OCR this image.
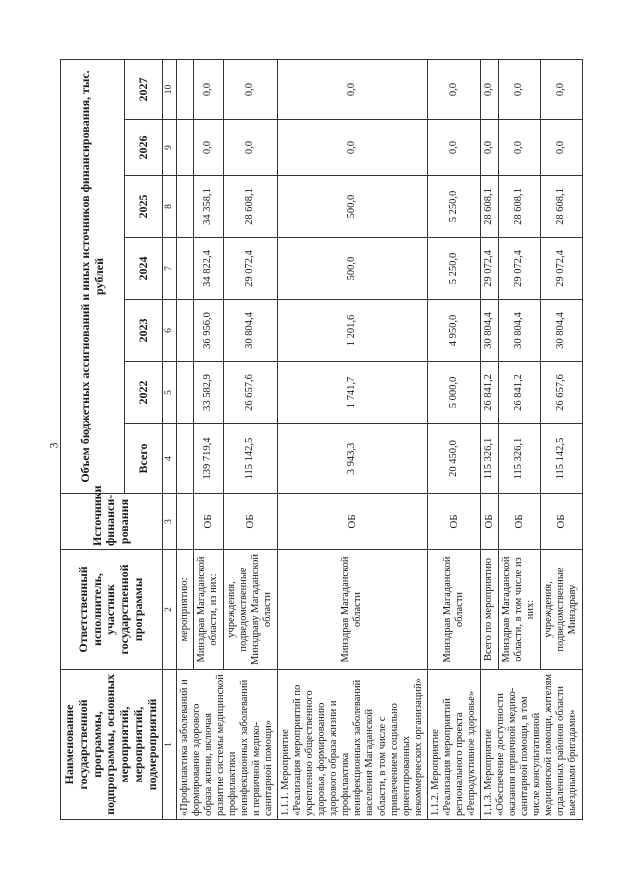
3
Наименование государственной программы, подпрограммы, основных мероприятий, мероприятий, подмероприятий	Ответственный исполнитель, участник государственной программы	Источники финанси-рования	Объем бюджетных ассигнований и иных источников финансирования, тыс. рублей						
			Всего	2022	2023	2024	2025	2026	2027
1	2	3	4	5	6	7	8	9	10
«Профилактика заболеваний и формирование здорового образа жизни, включая развитие системы медицинской профилактики неинфекционных заболеваний и первичной медико-санитарной помощи»	мероприятию:								
	Минздрав Магаданской области, из них:	ОБ	139 719,4	33 582,9	36 956,0	34 822,4	34 358,1	0,0	0,0
	учреждения, подведомственные Минздраву Магаданской области	ОБ	115 142,5	26 657,6	30 804,4	29 072,4	28 608,1	0,0	0,0
1.1.1. Мероприятие «Реализация мероприятий по укреплению общественного здоровья, формированию здорового образа жизни и профилактика неинфекционных заболеваний населения Магаданской области, в том числе с привлечением социально ориентированных некоммерческих организаций»	Минздрав Магаданской области	ОБ	3 943,3	1 741,7	1 201,6	500,0	500,0	0,0	0,0
1.1.2. Мероприятие «Реализация мероприятий регионального проекта «Репродуктивное здоровье»	Минздрав Магаданской области	ОБ	20 450,0	5 000,0	4 950,0	5 250,0	5 250,0	0,0	0,0
1.1.3. Мероприятие «Обеспечение доступности оказания первичной медико-санитарной помощи, в том числе консультативной медицинской помощи, жителям отдаленных районов области выездными бригадами»	Всего по мероприятию	ОБ	115 326,1	26 841,2	30 804,4	29 072,4	28 608,1	0,0	0,0
	Минздрав Магаданской области, в том числе из них:	ОБ	115 326,1	26 841,2	30 804,4	29 072,4	28 608,1	0,0	0,0
	учреждения, подведомственные Минздраву	ОБ	115 142,5	26 657,6	30 804,4	29 072,4	28 608,1	0,0	0,0
